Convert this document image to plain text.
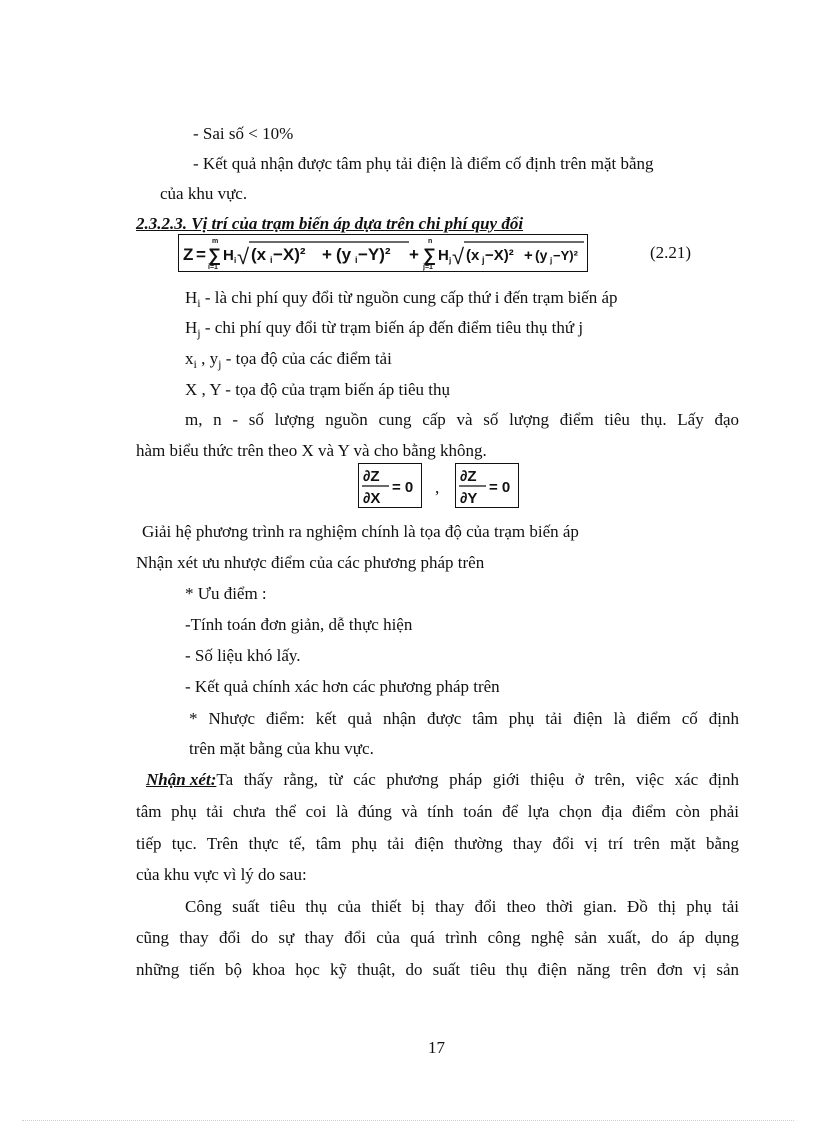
- Sai số < 10%
- Kết quả nhận được tâm phụ tải điện là điểm cố định trên mặt bằng
của khu vực.
2.3.2.3. Vị trí của trạm biến áp dựa trên chi phí quy đổi
Z =
m
∑
i=1
H i √ (x i −X)² + (y i −Y)² +
n
∑
j=1
H j √ (x j −X)² + (y j −Y)²	(2.21)
$H_i$ - là chi phí quy đổi từ nguồn cung cấp thứ i đến trạm biến áp
$H_j$ - chi phí quy đổi từ trạm biến áp đến điểm tiêu thụ thứ j
$x_i$ , $y_j$ - tọa độ của các điểm tải
X , Y - tọa độ của trạm biến áp tiêu thụ
m, n - số lượng nguồn cung cấp và số lượng điểm tiêu thụ. Lấy đạo
hàm biểu thức trên theo X và Y và cho bằng không.
∂Z
∂X
= 0 ,
∂Z
∂Y
= 0
Giải hệ phương trình ra nghiệm chính là tọa độ của trạm biến áp
Nhận xét ưu nhược điểm của các phương pháp trên
* Ưu điểm :
-Tính toán đơn giản, dễ thực hiện
- Số liệu khó lấy.
- Kết quả chính xác hơn các phương pháp trên
* Nhược điểm: kết quả nhận được tâm phụ tải điện là điểm cố định
trên mặt bằng của khu vực.
Nhận xét: Ta thấy rằng, từ các phương pháp giới thiệu ở trên, việc xác định
tâm phụ tải chưa thể coi là đúng và tính toán để lựa chọn địa điểm còn phải
tiếp tục. Trên thực tế, tâm phụ tải điện thường thay đổi vị trí trên mặt bằng
của khu vực vì lý do sau:
Công suất tiêu thụ của thiết bị thay đổi theo thời gian. Đồ thị phụ tải
cũng thay đổi do sự thay đổi của quá trình công nghệ sản xuất, do áp dụng
những tiến bộ khoa học kỹ thuật, do suất tiêu thụ điện năng trên đơn vị sản
17
